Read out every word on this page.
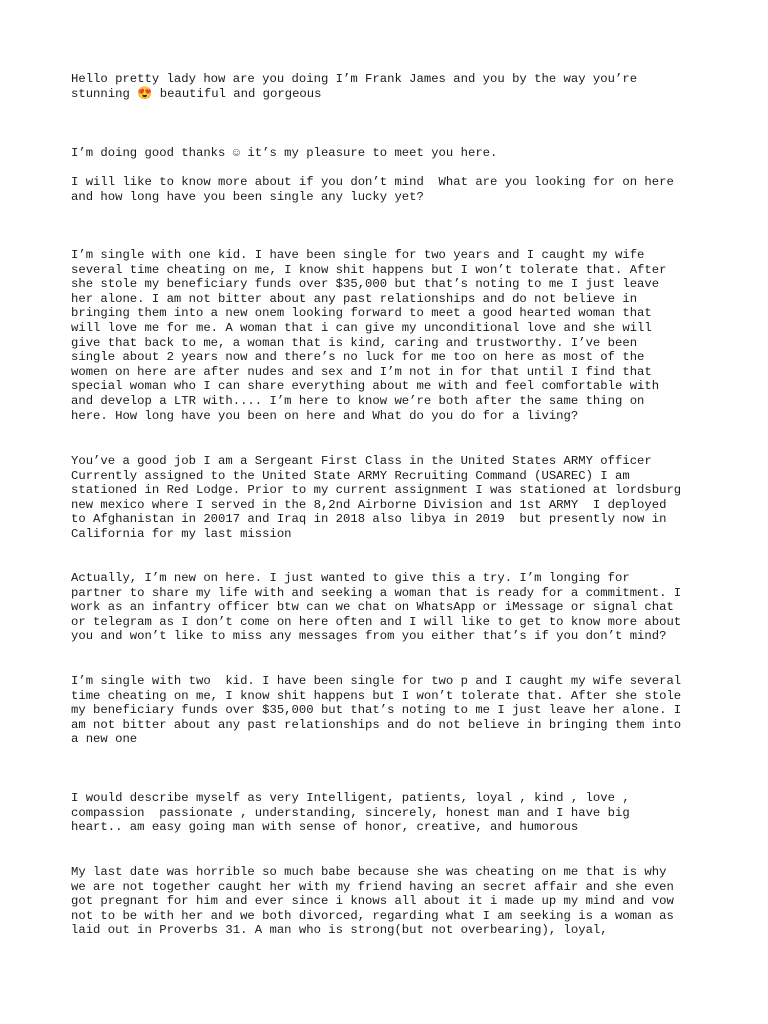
Hello pretty lady how are you doing I’m Frank James and you by the way you’re
stunning 😍 beautiful and gorgeous

I’m doing good thanks ☺ it’s my pleasure to meet you here.

I will like to know more about if you don’t mind  What are you looking for on here
and how long have you been single any lucky yet?

I’m single with one kid. I have been single for two years and I caught my wife
several time cheating on me, I know shit happens but I won’t tolerate that. After
she stole my beneficiary funds over $35,000 but that’s noting to me I just leave
her alone. I am not bitter about any past relationships and do not believe in
bringing them into a new onem looking forward to meet a good hearted woman that
will love me for me. A woman that i can give my unconditional love and she will
give that back to me, a woman that is kind, caring and trustworthy. I’ve been
single about 2 years now and there’s no luck for me too on here as most of the
women on here are after nudes and sex and I’m not in for that until I find that
special woman who I can share everything about me with and feel comfortable with
and develop a LTR with.... I’m here to know we’re both after the same thing on
here. How long have you been on here and What do you do for a living?

You’ve a good job I am a Sergeant First Class in the United States ARMY officer
Currently assigned to the United State ARMY Recruiting Command (USAREC) I am
stationed in Red Lodge. Prior to my current assignment I was stationed at lordsburg
new mexico where I served in the 8,2nd Airborne Division and 1st ARMY  I deployed
to Afghanistan in 20017 and Iraq in 2018 also libya in 2019  but presently now in
California for my last mission

Actually, I’m new on here. I just wanted to give this a try. I’m longing for
partner to share my life with and seeking a woman that is ready for a commitment. I
work as an infantry officer btw can we chat on WhatsApp or iMessage or signal chat
or telegram as I don’t come on here often and I will like to get to know more about
you and won’t like to miss any messages from you either that’s if you don’t mind?

I’m single with two  kid. I have been single for two p and I caught my wife several
time cheating on me, I know shit happens but I won’t tolerate that. After she stole
my beneficiary funds over $35,000 but that’s noting to me I just leave her alone. I
am not bitter about any past relationships and do not believe in bringing them into
a new one

I would describe myself as very Intelligent, patients, loyal , kind , love ,
compassion  passionate , understanding, sincerely, honest man and I have big
heart.. am easy going man with sense of honor, creative, and humorous

My last date was horrible so much babe because she was cheating on me that is why
we are not together caught her with my friend having an secret affair and she even
got pregnant for him and ever since i knows all about it i made up my mind and vow
not to be with her and we both divorced, regarding what I am seeking is a woman as
laid out in Proverbs 31. A man who is strong(but not overbearing), loyal,
